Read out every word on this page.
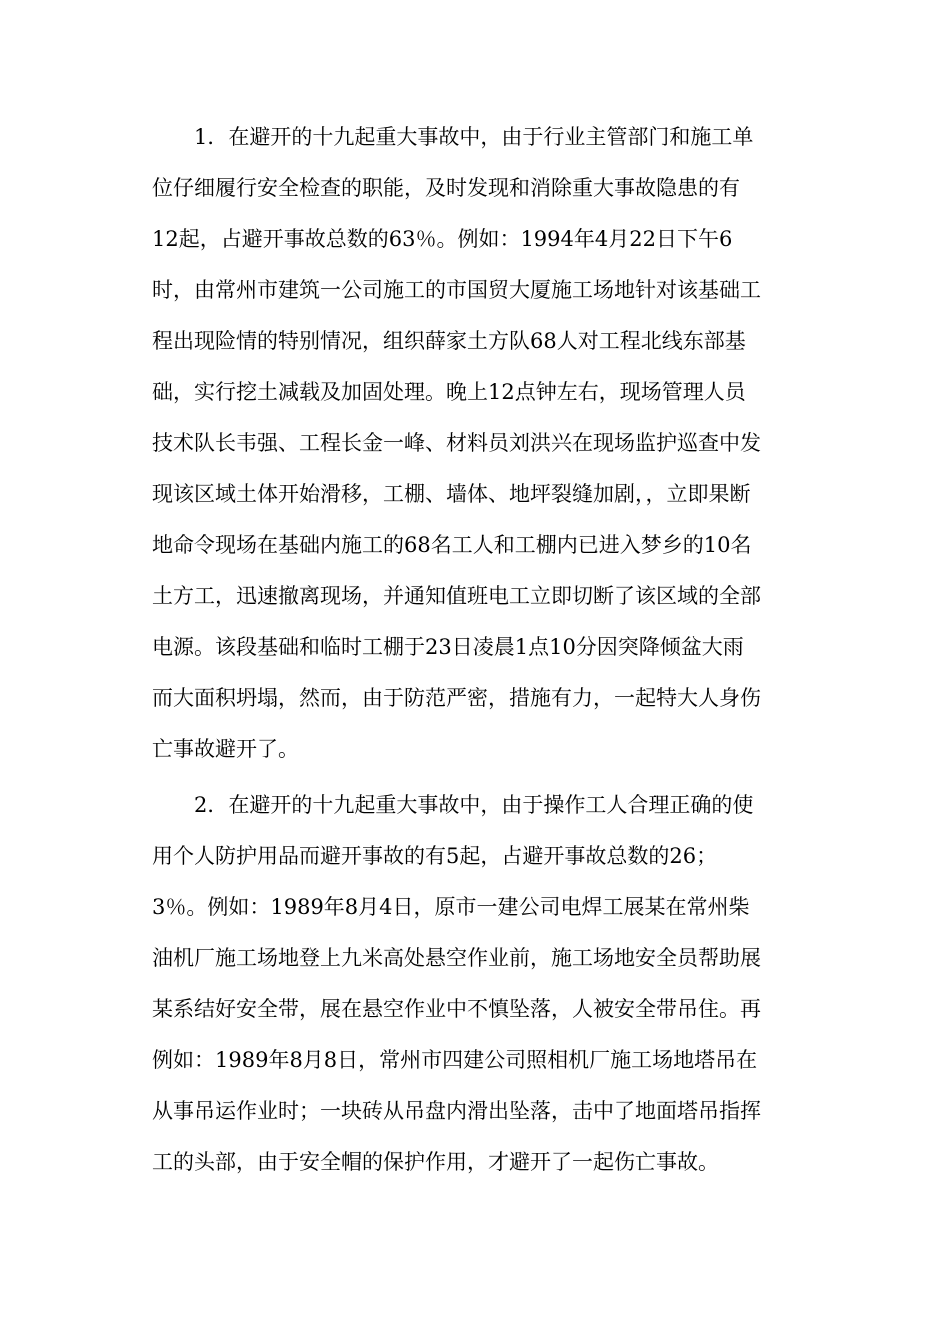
1．在避开的十九起重大事故中，由于行业主管部门和施工单
位仔细履行安全检查的职能，及时发现和消除重大事故隐患的有
12起，占避开事故总数的63％。例如：1994年4月22日下午6
时，由常州市建筑一公司施工的市国贸大厦施工场地针对该基础工
程出现险情的特别情况，组织薛家土方队68人对工程北线东部基
础，实行挖土减载及加固处理。晚上12点钟左右，现场管理人员
技术队长韦强、工程长金一峰、材料员刘洪兴在现场监护巡查中发
现该区域土体开始滑移，工棚、墙体、地坪裂缝加剧，，立即果断
地命令现场在基础内施工的68名工人和工棚内已进入梦乡的10名
土方工，迅速撤离现场，并通知值班电工立即切断了该区域的全部
电源。该段基础和临时工棚于23日凌晨1点10分因突降倾盆大雨
而大面积坍塌，然而，由于防范严密，措施有力，一起特大人身伤
亡事故避开了。
2．在避开的十九起重大事故中，由于操作工人合理正确的使
用个人防护用品而避开事故的有5起，占避开事故总数的26；
3％。例如：1989年8月4日，原市一建公司电焊工展某在常州柴
油机厂施工场地登上九米高处悬空作业前，施工场地安全员帮助展
某系结好安全带，展在悬空作业中不慎坠落，人被安全带吊住。再
例如：1989年8月8日，常州市四建公司照相机厂施工场地塔吊在
从事吊运作业时；一块砖从吊盘内滑出坠落，击中了地面塔吊指挥
工的头部，由于安全帽的保护作用，才避开了一起伤亡事故。
